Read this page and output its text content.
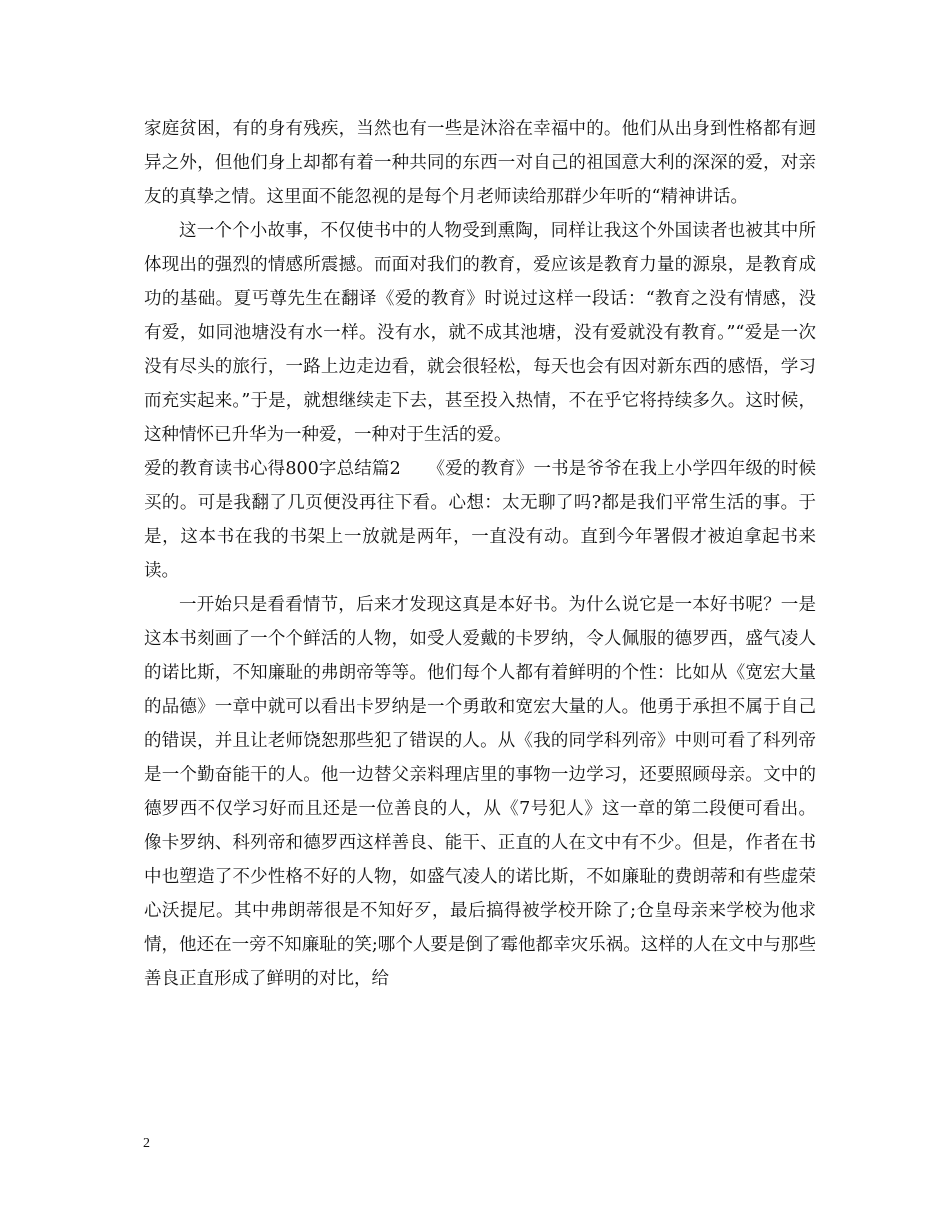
家庭贫困，有的身有残疾，当然也有一些是沐浴在幸福中的。他们从出身到性格都有迥异之外，但他们身上却都有着一种共同的东西一对自己的祖国意大利的深深的爱，对亲友的真挚之情。这里面不能忽视的是每个月老师读给那群少年听的“精神讲话。

这一个个小故事，不仅使书中的人物受到熏陶，同样让我这个外国读者也被其中所体现出的强烈的情感所震撼。而面对我们的教育，爱应该是教育力量的源泉，是教育成功的基础。夏丐尊先生在翻译《爱的教育》时说过这样一段话：“教育之没有情感，没有爱，如同池塘没有水一样。没有水，就不成其池塘，没有爱就没有教育。”“爱是一次没有尽头的旅行，一路上边走边看，就会很轻松，每天也会有因对新东西的感悟，学习而充实起来。”于是，就想继续走下去，甚至投入热情，不在乎它将持续多久。这时候，这种情怀已升华为一种爱，一种对于生活的爱。

爱的教育读书心得800字总结篇2　　《爱的教育》一书是爷爷在我上小学四年级的时候买的。可是我翻了几页便没再往下看。心想：太无聊了吗?都是我们平常生活的事。于是，这本书在我的书架上一放就是两年，一直没有动。直到今年署假才被迫拿起书来读。

一开始只是看看情节，后来才发现这真是本好书。为什么说它是一本好书呢？一是这本书刻画了一个个鲜活的人物，如受人爱戴的卡罗纳，令人佩服的德罗西，盛气凌人的诺比斯，不知廉耻的弗朗帝等等。他们每个人都有着鲜明的个性：比如从《宽宏大量的品德》一章中就可以看出卡罗纳是一个勇敢和宽宏大量的人。他勇于承担不属于自己的错误，并且让老师饶恕那些犯了错误的人。从《我的同学科列帝》中则可看了科列帝是一个勤奋能干的人。他一边替父亲料理店里的事物一边学习，还要照顾母亲。文中的德罗西不仅学习好而且还是一位善良的人，从《7号犯人》这一章的第二段便可看出。像卡罗纳、科列帝和德罗西这样善良、能干、正直的人在文中有不少。但是，作者在书中也塑造了不少性格不好的人物，如盛气凌人的诺比斯，不如廉耻的费朗蒂和有些虚荣心沃提尼。其中弗朗蒂很是不知好歹，最后搞得被学校开除了;仓皇母亲来学校为他求情，他还在一旁不知廉耻的笑;哪个人要是倒了霉他都幸灾乐祸。这样的人在文中与那些善良正直形成了鲜明的对比，给

2
